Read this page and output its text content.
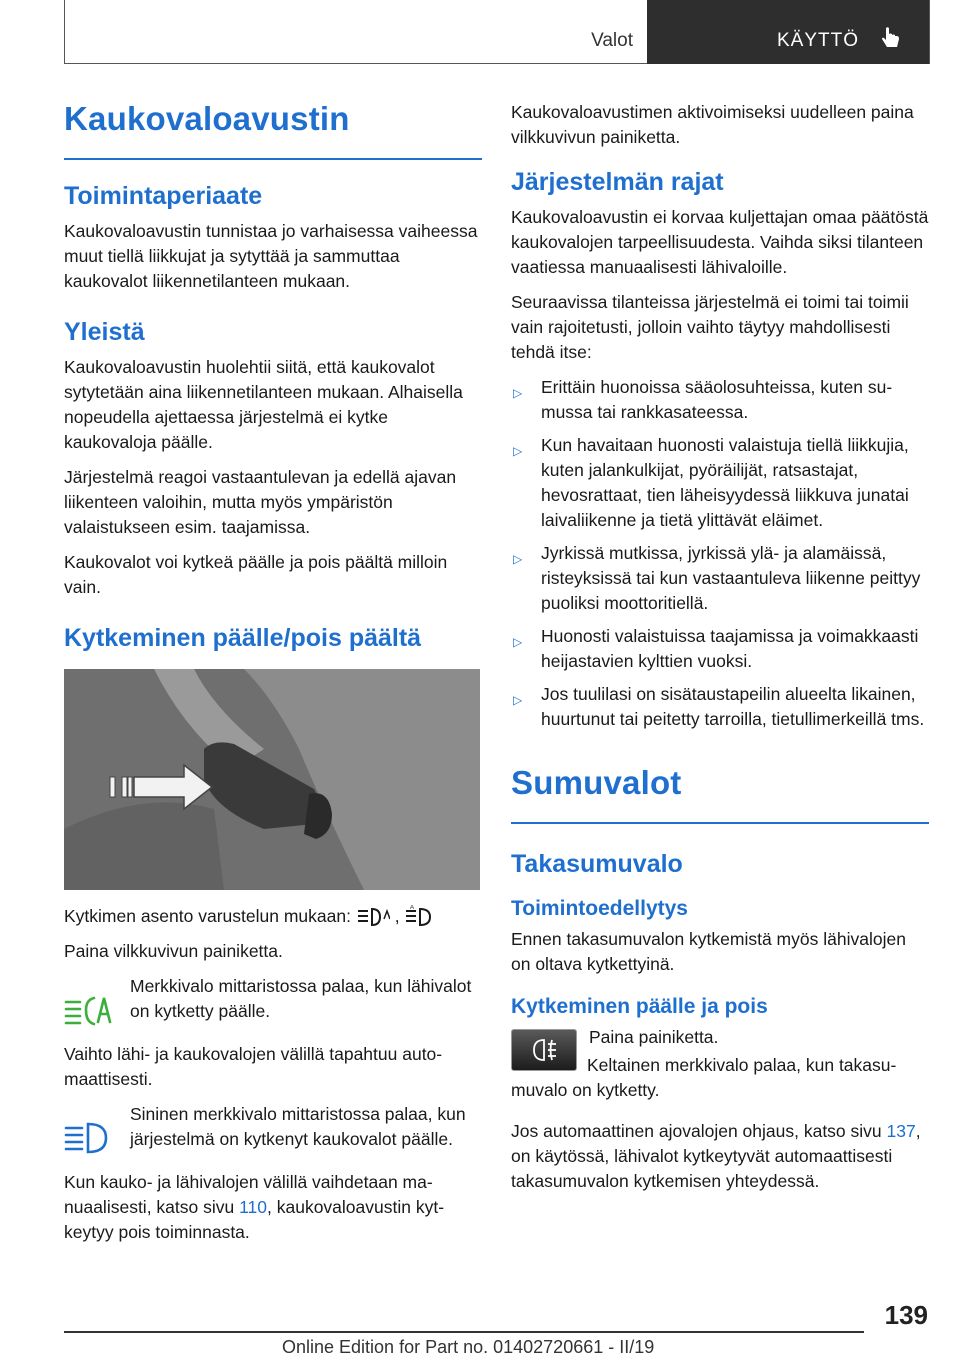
Valot	KÄYTTÖ
Kaukovaloavustin
Toimintaperiaate

Kaukovaloavustin tunnistaa jo varhaisessa vaiheessa muut tiellä liikkujat ja sytyttää ja sammuttaa kaukovalot liikennetilanteen mukaan.

Yleistä

Kaukovaloavustin huolehtii siitä, että kaukovalot sytytetään aina liikennetilanteen mukaan. Alhaisella nopeudella ajettaessa järjestelmä ei kytke kaukovaloja päälle.

Järjestelmä reagoi vastaantulevan ja edellä ajavan liikenteen valoihin, mutta myös ympäristön valaistukseen esim. taajamissa.

Kaukovalot voi kytkeä päälle ja pois päältä milloin vain.

Kytkeminen päälle/pois päältä

Kytkimen asento varustelun mukaan:	, A

Paina vilkkuvivun painiketta.

Merkkivalo mittaristossa palaa, kun lähivalot on kytketty päälle.

Vaihto lähi- ja kaukovalojen välillä tapahtuu automaattisesti.

Sininen merkkivalo mittaristossa palaa, kun järjestelmä on kytkenyt kaukovalot päälle.

Kun kauko- ja lähivalojen välillä vaihdetaan manuaalisesti, katso sivu 110, kaukovaloavustin kytkeytyy pois toiminnasta.

Kaukovaloavustimen aktivoimiseksi uudelleen paina vilkkuvivun painiketta.

Järjestelmän rajat

Kaukovaloavustin ei korvaa kuljettajan omaa päätöstä kaukovalojen tarpeellisuudesta. Vaihda siksi tilanteen vaatiessa manuaalisesti lähivaloille.

Seuraavissa tilanteissa järjestelmä ei toimi tai toimii vain rajoitetusti, jolloin vaihto täytyy mahdollisesti tehdä itse:

▷ Erittäin huonoissa sääolosuhteissa, kuten sumussa tai rankkasateessa.
▷ Kun havaitaan huonosti valaistuja tiellä liikkujia, kuten jalankulkijat, pyöräilijät, ratsastajat, hevosrattaat, tien läheisyydessä liikkuva junatai laivaliikenne ja tietä ylittävät eläimet.
▷ Jyrkissä mutkissa, jyrkissä ylä- ja alamäissä, risteyksissä tai kun vastaantuleva liikenne peittyy puoliksi moottoritiellä.
▷ Huonosti valaistuissa taajamissa ja voimakkaasti heijastavien kylttien vuoksi.
▷ Jos tuulilasi on sisätaustapeilin alueelta likainen, huurtunut tai peitetty tarroilla, tietullimerkeillä tms.
Sumuvalot
Takasumuvalo
Toimintoedellytys

Ennen takasumuvalon kytkemistä myös lähivalojen on oltava kytkettyinä.

Kytkeminen päälle ja pois

Paina painiketta.

Keltainen merkkivalo palaa, kun takasumuvalo on kytketty.

Jos automaattinen ajovalojen ohjaus, katso sivu 137, on käytössä, lähivalot kytkeytyvät automaattisesti takasumuvalon kytkemisen yhteydessä.

139
Online Edition for Part no. 01402720661 - II/19
